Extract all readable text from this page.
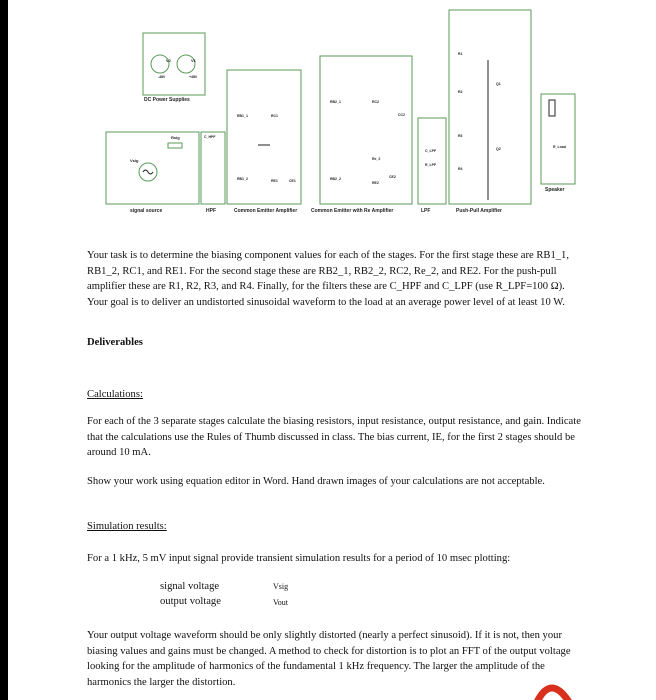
V2	V1
-48V	+48V
DC Power Supplies
Rsig
Vsig
signal source
C_HPF
HPF
RB1_1	RC1
RB1_2	RE1	CE1
Common Emitter Amplifier
RB2_1	RC2
RB2_2
Re_2
RE2
CE2
CC2
Common Emitter with Re Amplifier
C_LPF
R_LPF
LPF
R1
R2
R3
R4
Q1
Q2
Push-Pull Amplifier
R_Load
Speaker
Your task is to determine the biasing component values for each of the stages. For the first stage these are RB1_1, RB1_2, RC1, and RE1. For the second stage these are RB2_1, RB2_2, RC2, Re_2, and RE2. For the push-pull amplifier these are R1, R2, R3, and R4. Finally, for the filters these are C_HPF and C_LPF (use R_LPF=100 Ω). Your goal is to deliver an undistorted sinusoidal waveform to the load at an average power level of at least 10 W.
Deliverables
Calculations:
For each of the 3 separate stages calculate the biasing resistors, input resistance, output resistance, and gain. Indicate that the calculations use the Rules of Thumb discussed in class. The bias current, IE, for the first 2 stages should be around 10 mA.
Show your work using equation editor in Word. Hand drawn images of your calculations are not acceptable.
Simulation results:
For a 1 kHz, 5 mV input signal provide transient simulation results for a period of 10 msec plotting:
signal voltage
output voltage
Vsig
Vout
Your output voltage waveform should be only slightly distorted (nearly a perfect sinusoid). If it is not, then your biasing values and gains must be changed. A method to check for distortion is to plot an FFT of the output voltage looking for the amplitude of harmonics of the fundamental 1 kHz frequency. The larger the amplitude of the harmonics the larger the distortion.
